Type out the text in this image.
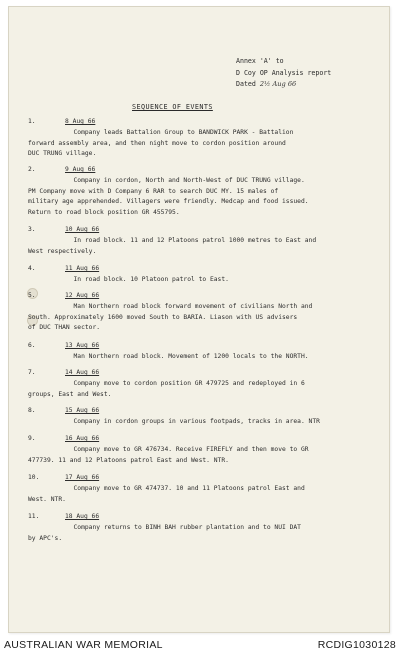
Annex 'A' to
D Coy OP Analysis report
Dated 2½ Aug 66
SEQUENCE OF EVENTS
1.	8 Aug 66
Company leads Battalion Group to BANDWICK PARK - Battalion
forward assembly area, and then night move to cordon position around
DUC TRUNG village.
2.	9 Aug 66
Company in cordon, North and North-West of DUC TRUNG village.
PM Company move with D Company 6 RAR to search DUC MY. 15 males of
military age apprehended. Villagers were friendly. Medcap and food issued.
Return to road block position GR 455795.
3.	10 Aug 66
In road block. 11 and 12 Platoons patrol 1000 metres to East and
West respectively.
4.	11 Aug 66
In road block. 10 Platoon patrol to East.
5.	12 Aug 66
Man Northern road block forward movement of civilians North and
South. Approximately 1600 moved South to BARIA. Liason with US advisers
of DUC THAN sector.
6.	13 Aug 66
Man Northern road block. Movement of 1200 locals to the NORTH.
7.	14 Aug 66
Company move to cordon position GR 479725 and redeployed in 6
groups, East and West.
8.	15 Aug 66
Company in cordon groups in various footpads, tracks in area. NTR
9.	16 Aug 66
Company move to GR 476734. Receive FIREFLY and then move to GR
477739. 11 and 12 Platoons patrol East and West. NTR.
10.	17 Aug 66
Company move to GR 474737. 10 and 11 Platoons patrol East and
West. NTR.
11.	18 Aug 66
Company returns to BINH BAH rubber plantation and to NUI DAT
by APC's.
AUSTRALIAN WAR MEMORIAL	RCDIG1030128
